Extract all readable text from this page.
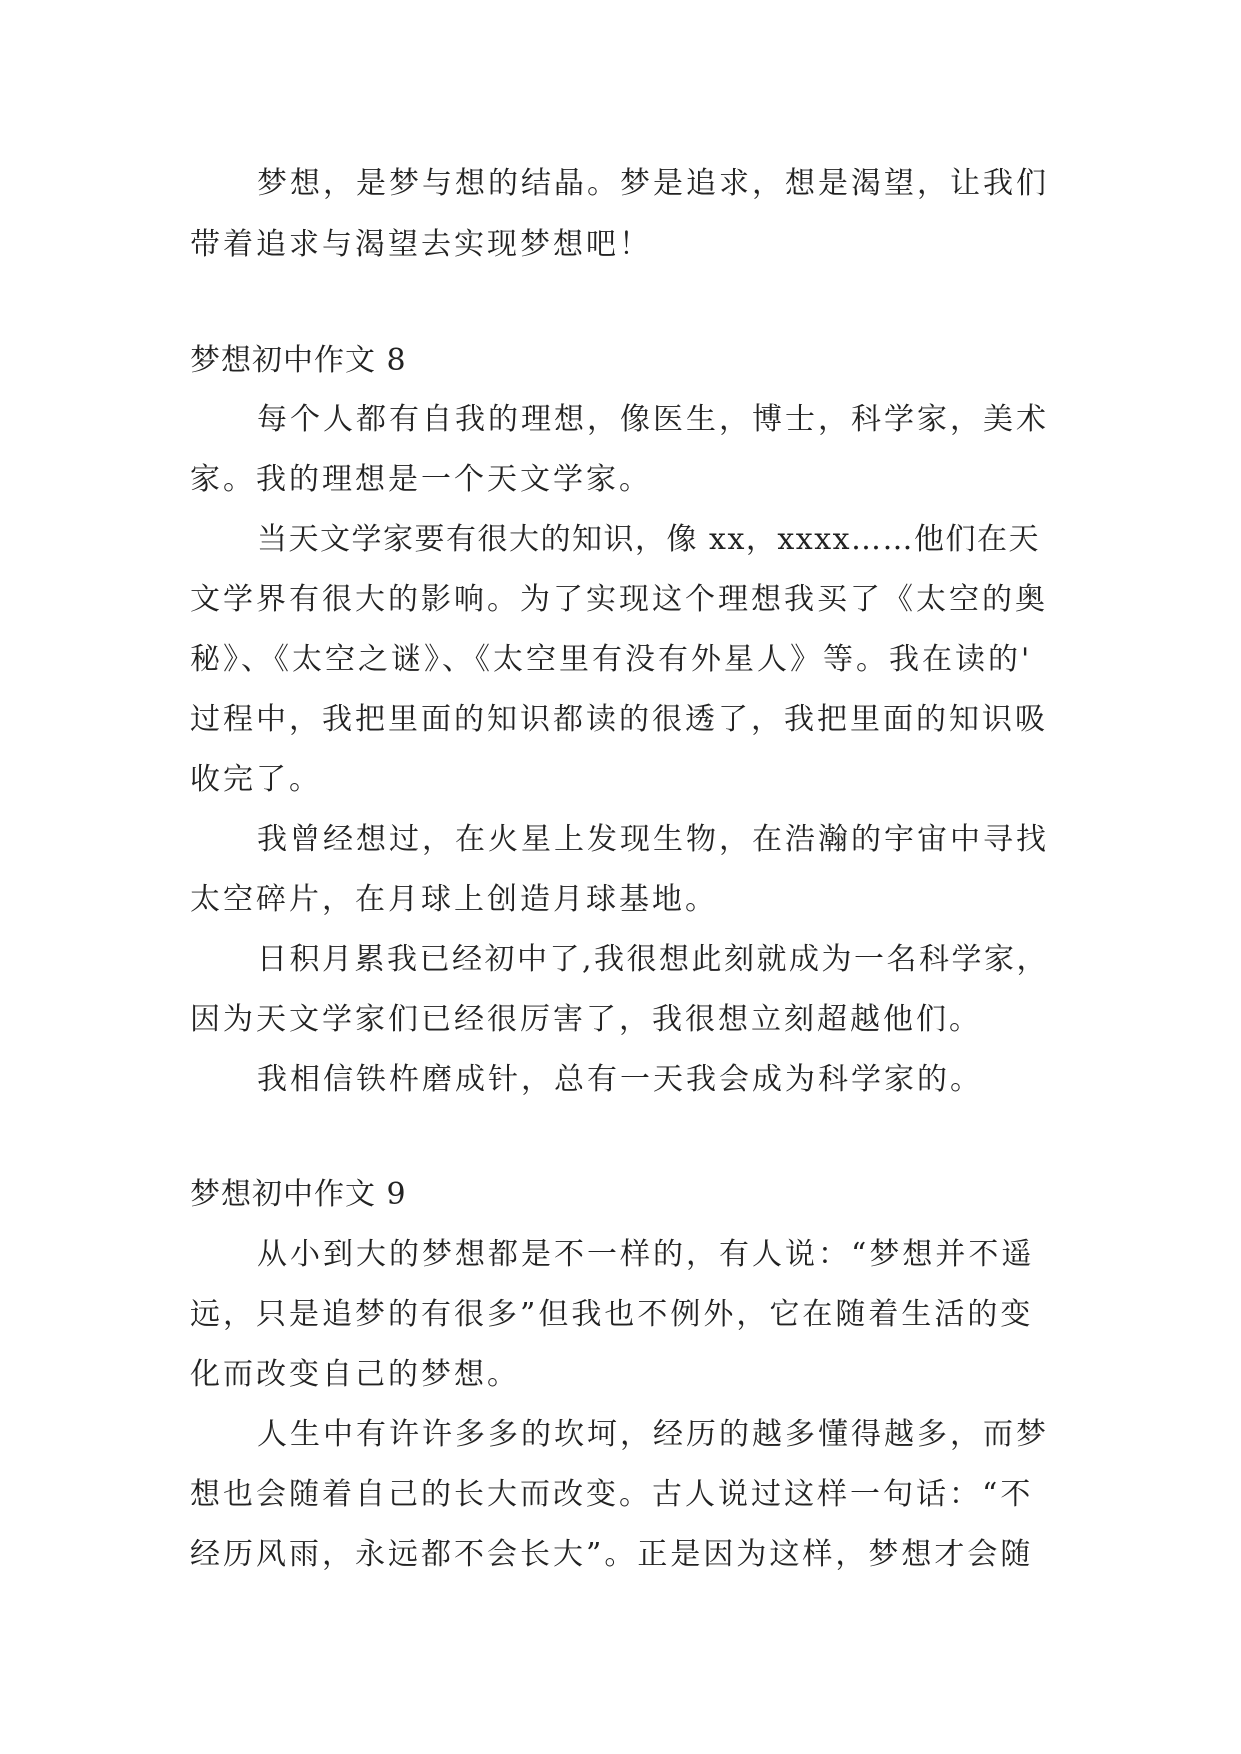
梦想，是梦与想的结晶。梦是追求，想是渴望，让我们
带着追求与渴望去实现梦想吧！
梦想初中作文 8
每个人都有自我的理想，像医生，博士，科学家，美术
家。我的理想是一个天文学家。
当天文学家要有很大的知识，像 xx，xxxx……他们在天
文学界有很大的影响。为了实现这个理想我买了《太空的奥
秘》、《太空之谜》、《太空里有没有外星人》等。我在读的'
过程中，我把里面的知识都读的很透了，我把里面的知识吸
收完了。
我曾经想过，在火星上发现生物，在浩瀚的宇宙中寻找
太空碎片，在月球上创造月球基地。
日积月累我已经初中了,我很想此刻就成为一名科学家，
因为天文学家们已经很厉害了，我很想立刻超越他们。
我相信铁杵磨成针，总有一天我会成为科学家的。
梦想初中作文 9
从小到大的梦想都是不一样的，有人说：“梦想并不遥
远，只是追梦的有很多”但我也不例外，它在随着生活的变
化而改变自己的梦想。
人生中有许许多多的坎坷，经历的越多懂得越多，而梦
想也会随着自己的长大而改变。古人说过这样一句话：“不
经历风雨，永远都不会长大”。正是因为这样，梦想才会随
